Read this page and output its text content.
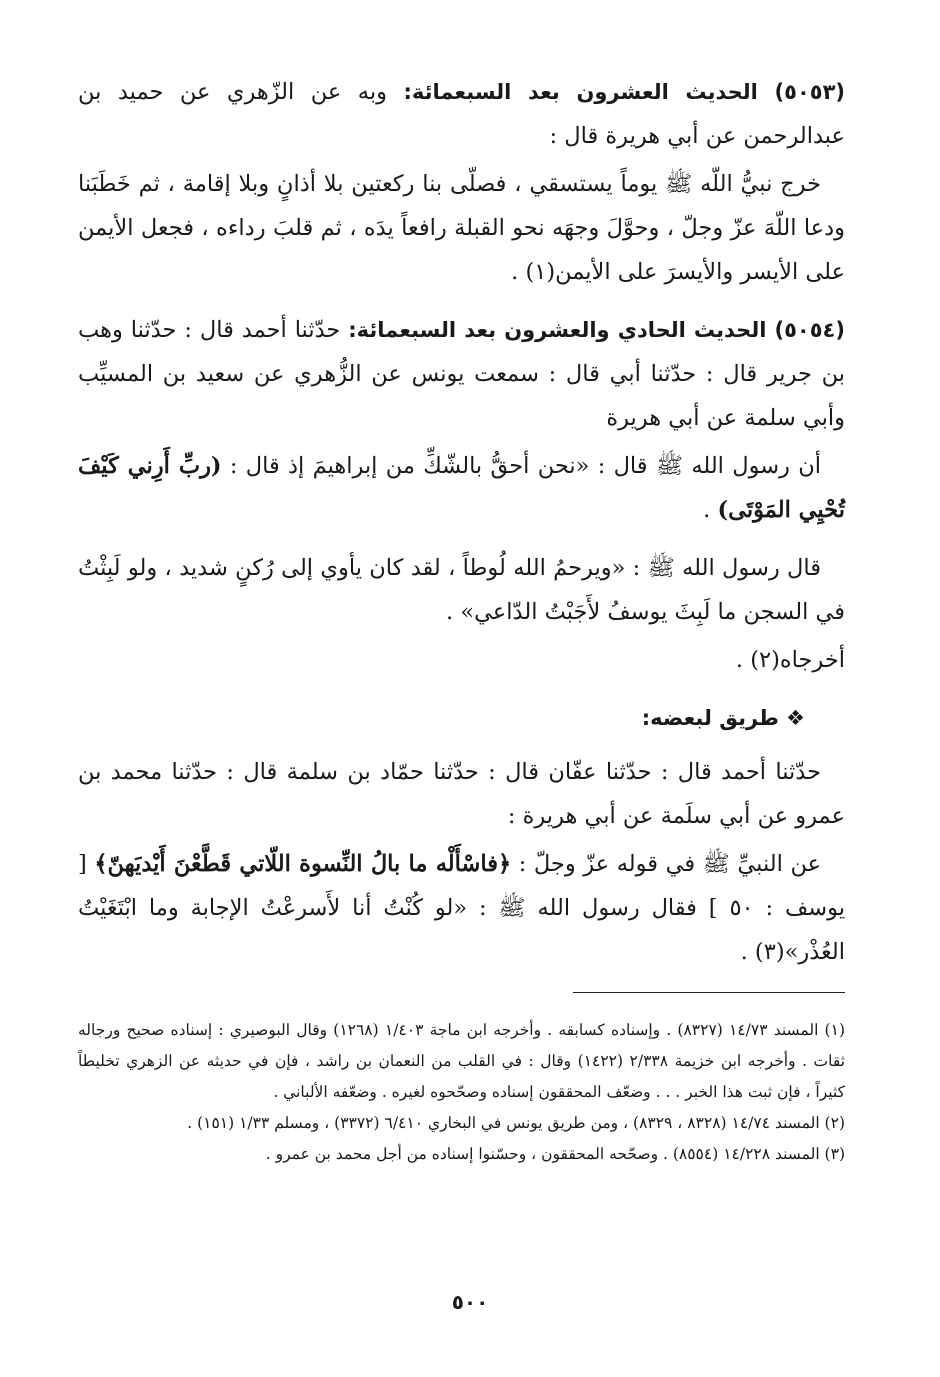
(٥٠٥٣) الحديث العشرون بعد السبعمائة: وبه عن الزّهري عن حميد بن عبدالرحمن عن أبي هريرة قال :

خرج نبيُّ اللّه ﷺ يوماً يستسقي ، فصلّى بنا ركعتين بلا أذانٍ وبلا إقامة ، ثم خَطَبَنا ودعا اللّهَ عزّ وجلّ ، وحوَّلَ وجهَه نحو القبلة رافعاً يدَه ، ثم قلبَ رداءه ، فجعل الأيمن على الأيسر والأيسرَ على الأيمن(١) .

(٥٠٥٤) الحديث الحادي والعشرون بعد السبعمائة: حدّثنا أحمد قال : حدّثنا وهب بن جرير قال : حدّثنا أبي قال : سمعت يونس عن الزُّهري عن سعيد بن المسيِّب وأبي سلمة عن أبي هريرة

أن رسول الله ﷺ قال : «نحن أحقُّ بالشّكِّ من إبراهيمَ إذ قال : (ربِّ أَرِني كَيْفَ تُحْيِي المَوْتَى) .

قال رسول الله ﷺ : «ويرحمُ الله لُوطاً ، لقد كان يأوي إلى رُكنٍ شديد ، ولو لَبِثْتُ في السجن ما لَبِثَ يوسفُ لأَجَبْتُ الدّاعي» .

أخرجاه(٢) .

❖ طريق لبعضه:

حدّثنا أحمد قال : حدّثنا عفّان قال : حدّثنا حمّاد بن سلمة قال : حدّثنا محمد بن عمرو عن أبي سلَمة عن أبي هريرة :

عن النبيِّ ﷺ في قوله عزّ وجلّ : ﴿فاسْأَلْه ما بالُ النِّسوة اللّاتي قَطَّعْنَ أَيْديَهنّ﴾ [ يوسف : ٥٠ ] فقال رسول الله ﷺ : «لو كُنْتُ أنا لأَسرعْتُ الإجابة وما ابْتَغَيْتُ العُذْر»(٣) .

(١) المسند ١٤/٧٣ (٨٣٢٧) . وإسناده كسابقه . وأخرجه ابن ماجة ١/٤٠٣ (١٢٦٨) وقال البوصيري : إسناده صحيح ورجاله ثقات . وأخرجه ابن خزيمة ٢/٣٣٨ (١٤٢٢) وقال : في القلب من النعمان بن راشد ، فإن في حديثه عن الزهري تخليطاً كثيراً ، فإن ثبت هذا الخبر . . . وضعّف المحققون إسناده وصحّحوه لغيره . وضعّفه الألباني .

(٢) المسند ١٤/٧٤ (٨٣٢٨ ، ٨٣٢٩) ، ومن طريق يونس في البخاري ٦/٤١٠ (٣٣٧٢) ، ومسلم ١/٣٣ (١٥١) .

(٣) المسند ١٤/٢٢٨ (٨٥٥٤) . وصحّحه المحققون ، وحسّنوا إسناده من أجل محمد بن عمرو .

٥٠٠
